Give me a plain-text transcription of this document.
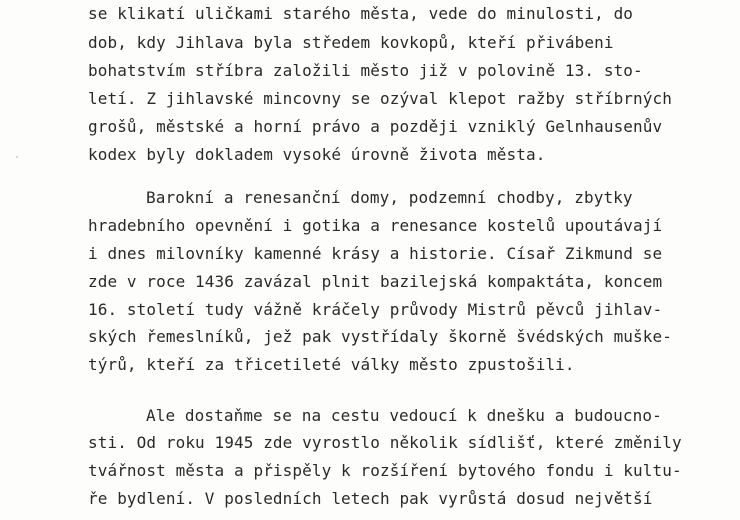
se klikatí uličkami starého města, vede do minulosti, do
dob, kdy Jihlava byla středem kovkopů, kteří přivábeni
bohatstvím stříbra založili město již v polovině 13. sto-
letí. Z jihlavské mincovny se ozýval klepot ražby stříbrných
grošů, městské a horní právo a později vzniklý Gelnhausenův
kodex byly dokladem vysoké úrovně života města.
Barokní a renesanční domy, podzemní chodby, zbytky
hradebního opevnění i gotika a renesance kostelů upoutávají
i dnes milovníky kamenné krásy a historie. Císař Zikmund se
zde v roce 1436 zavázal plnit bazilejská kompaktáta, koncem
16. století tudy vážně kráčely průvody Mistrů pěvců jihlav-
ských řemeslníků, jež pak vystřídaly škorně švédských muške-
týrů, kteří za třicetileté války město zpustošili.
Ale dostaňme se na cestu vedoucí k dnešku a budoucno-
sti. Od roku 1945 zde vyrostlo několik sídlišť, které změnily
tvářnost města a přispěly k rozšíření bytového fondu i kultu-
ře bydlení. V posledních letech pak vyrůstá dosud největší
